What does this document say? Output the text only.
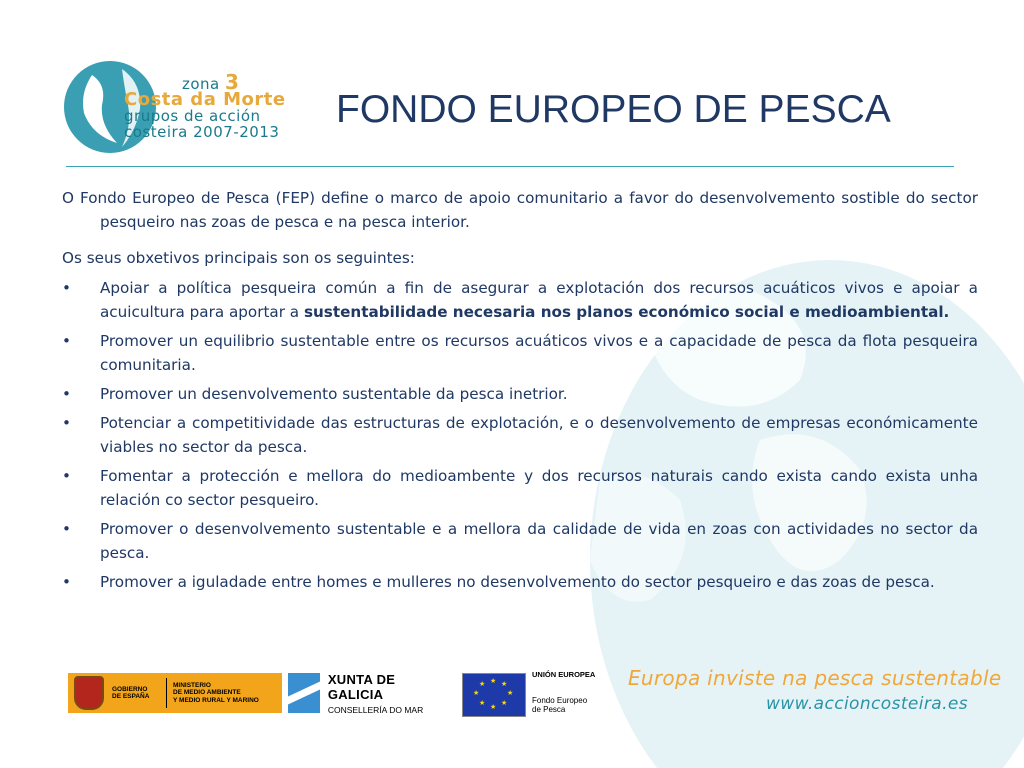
zona 3
Costa da Morte
grupos de acción
costeira 2007-2013
FONDO EUROPEO DE PESCA

O Fondo Europeo de Pesca (FEP) define o marco de apoio comunitario a favor do desenvolvemento sostible do sector pesqueiro nas zoas de pesca e na pesca interior.

Os seus obxetivos principais son os seguintes:

• Apoiar a política pesqueira común a fin de asegurar a explotación dos recursos acuáticos vivos e apoiar a acuicultura para aportar a sustentabilidade necesaria nos planos económico social e medioambiental.
• Promover un equilibrio sustentable entre os recursos acuáticos vivos e a capacidade de pesca da flota pesqueira comunitaria.
• Promover un desenvolvemento sustentable da pesca inetrior.
• Potenciar a competitividade das estructuras de explotación, e o desenvolvemento de empresas económicamente viables no sector da pesca.
• Fomentar a protección e mellora do medioambente y dos recursos naturais cando exista cando exista unha relación co sector pesqueiro.
• Promover o desenvolvemento sustentable e a mellora da calidade de vida en zoas con actividades no sector da pesca.
• Promover a iguladade entre homes e mulleres no desenvolvemento do sector pesqueiro e das zoas de pesca.
GOBIERNO
DE ESPAÑA
MINISTERIO
DE MEDIO AMBIENTE
Y MEDIO RURAL Y MARINO
XUNTA DE GALICIA
CONSELLERÍA DO MAR
★ ★
★
★
★
★
★
★
UNIÓN EUROPEA
Fondo Europeo
de Pesca
Europa inviste na pesca sustentable
www.accioncosteira.es
